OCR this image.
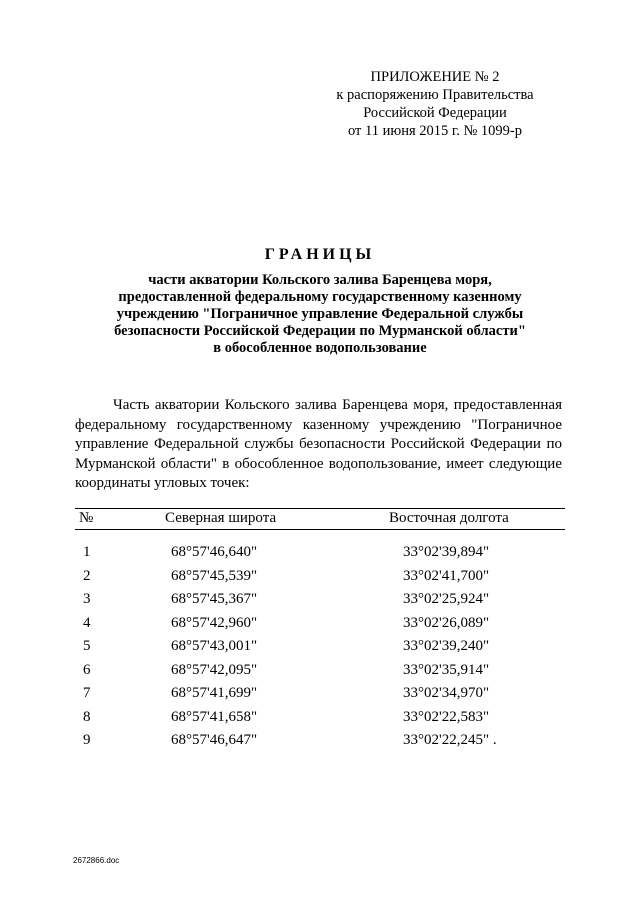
ПРИЛОЖЕНИЕ № 2
к распоряжению Правительства
Российской Федерации
от 11 июня 2015 г. № 1099-р
ГРАНИЦЫ
части акватории Кольского залива Баренцева моря,
предоставленной федеральному государственному казенному
учреждению "Пограничное управление Федеральной службы
безопасности Российской Федерации по Мурманской области"
в обособленное водопользование
Часть акватории Кольского залива Баренцева моря, предоставленная федеральному государственному казенному учреждению "Пограничное управление Федеральной службы безопасности Российской Федерации по Мурманской области" в обособленное водопользование, имеет следующие координаты угловых точек:
№	Северная широта	Восточная долгота
1	68°57'46,640"	33°02'39,894"
2	68°57'45,539"	33°02'41,700"
3	68°57'45,367"	33°02'25,924"
4	68°57'42,960"	33°02'26,089"
5	68°57'43,001"	33°02'39,240"
6	68°57'42,095"	33°02'35,914"
7	68°57'41,699"	33°02'34,970"
8	68°57'41,658"	33°02'22,583"
9	68°57'46,647"	33°02'22,245" .
2672866.doc
